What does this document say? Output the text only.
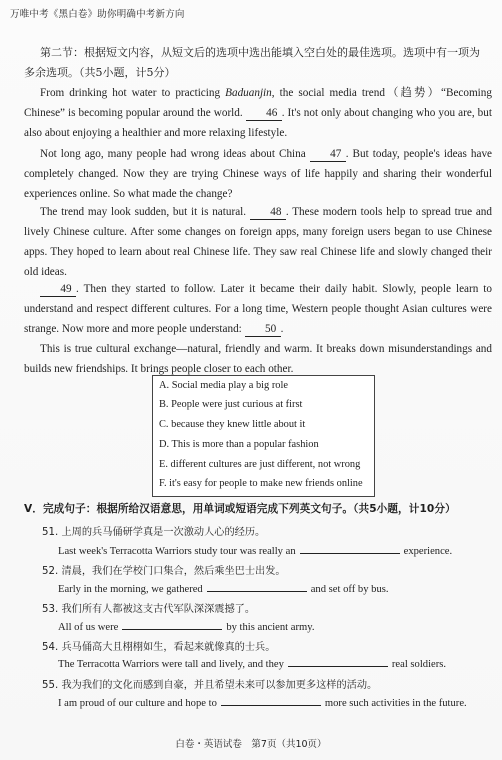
万唯中考《黑白卷》助你明确中考新方向
第二节：根据短文内容，从短文后的选项中选出能填入空白处的最佳选项。选项中有一项为多余选项。（共5小题，计5分）
From drinking hot water to practicing Baduanjin, the social media trend（趋势）“Becoming Chinese” is becoming popular around the world. 46 . It's not only about changing who you are, but also about enjoying a healthier and more relaxing lifestyle.
Not long ago, many people had wrong ideas about China 47 . But today, people's ideas have completely changed. Now they are trying Chinese ways of life happily and sharing their wonderful experiences online. So what made the change?
The trend may look sudden, but it is natural. 48 . These modern tools help to spread true and lively Chinese culture. After some changes on foreign apps, many foreign users began to use Chinese apps. They hoped to learn about real Chinese life. They saw real Chinese life and slowly changed their old ideas.
49 . Then they started to follow. Later it became their daily habit. Slowly, people learn to understand and respect different cultures. For a long time, Western people thought Asian cultures were strange. Now more and more people understand: 50 .
This is true cultural exchange—natural, friendly and warm. It breaks down misunderstandings and builds new friendships. It brings people closer to each other.
A. Social media play a big role
B. People were just curious at first
C. because they knew little about it
D. This is more than a popular fashion
E. different cultures are just different, not wrong
F. it's easy for people to make new friends online
V．完成句子：根据所给汉语意思，用单词或短语完成下列英文句子。（共5小题，计10分）
51. 上周的兵马俑研学真是一次激动人心的经历。
Last week's Terracotta Warriors study tour was really an	experience.
52. 清晨，我们在学校门口集合，然后乘坐巴士出发。
Early in the morning, we gathered	and set off by bus.
53. 我们所有人都被这支古代军队深深震撼了。
All of us were	by this ancient army.
54. 兵马俑高大且栩栩如生，看起来就像真的士兵。
The Terracotta Warriors were tall and lively, and they	real soldiers.
55. 我为我们的文化而感到自豪，并且希望未来可以参加更多这样的活动。
I am proud of our culture and hope to	more such activities in the future.
白卷・英语试卷　第7页（共10页）
